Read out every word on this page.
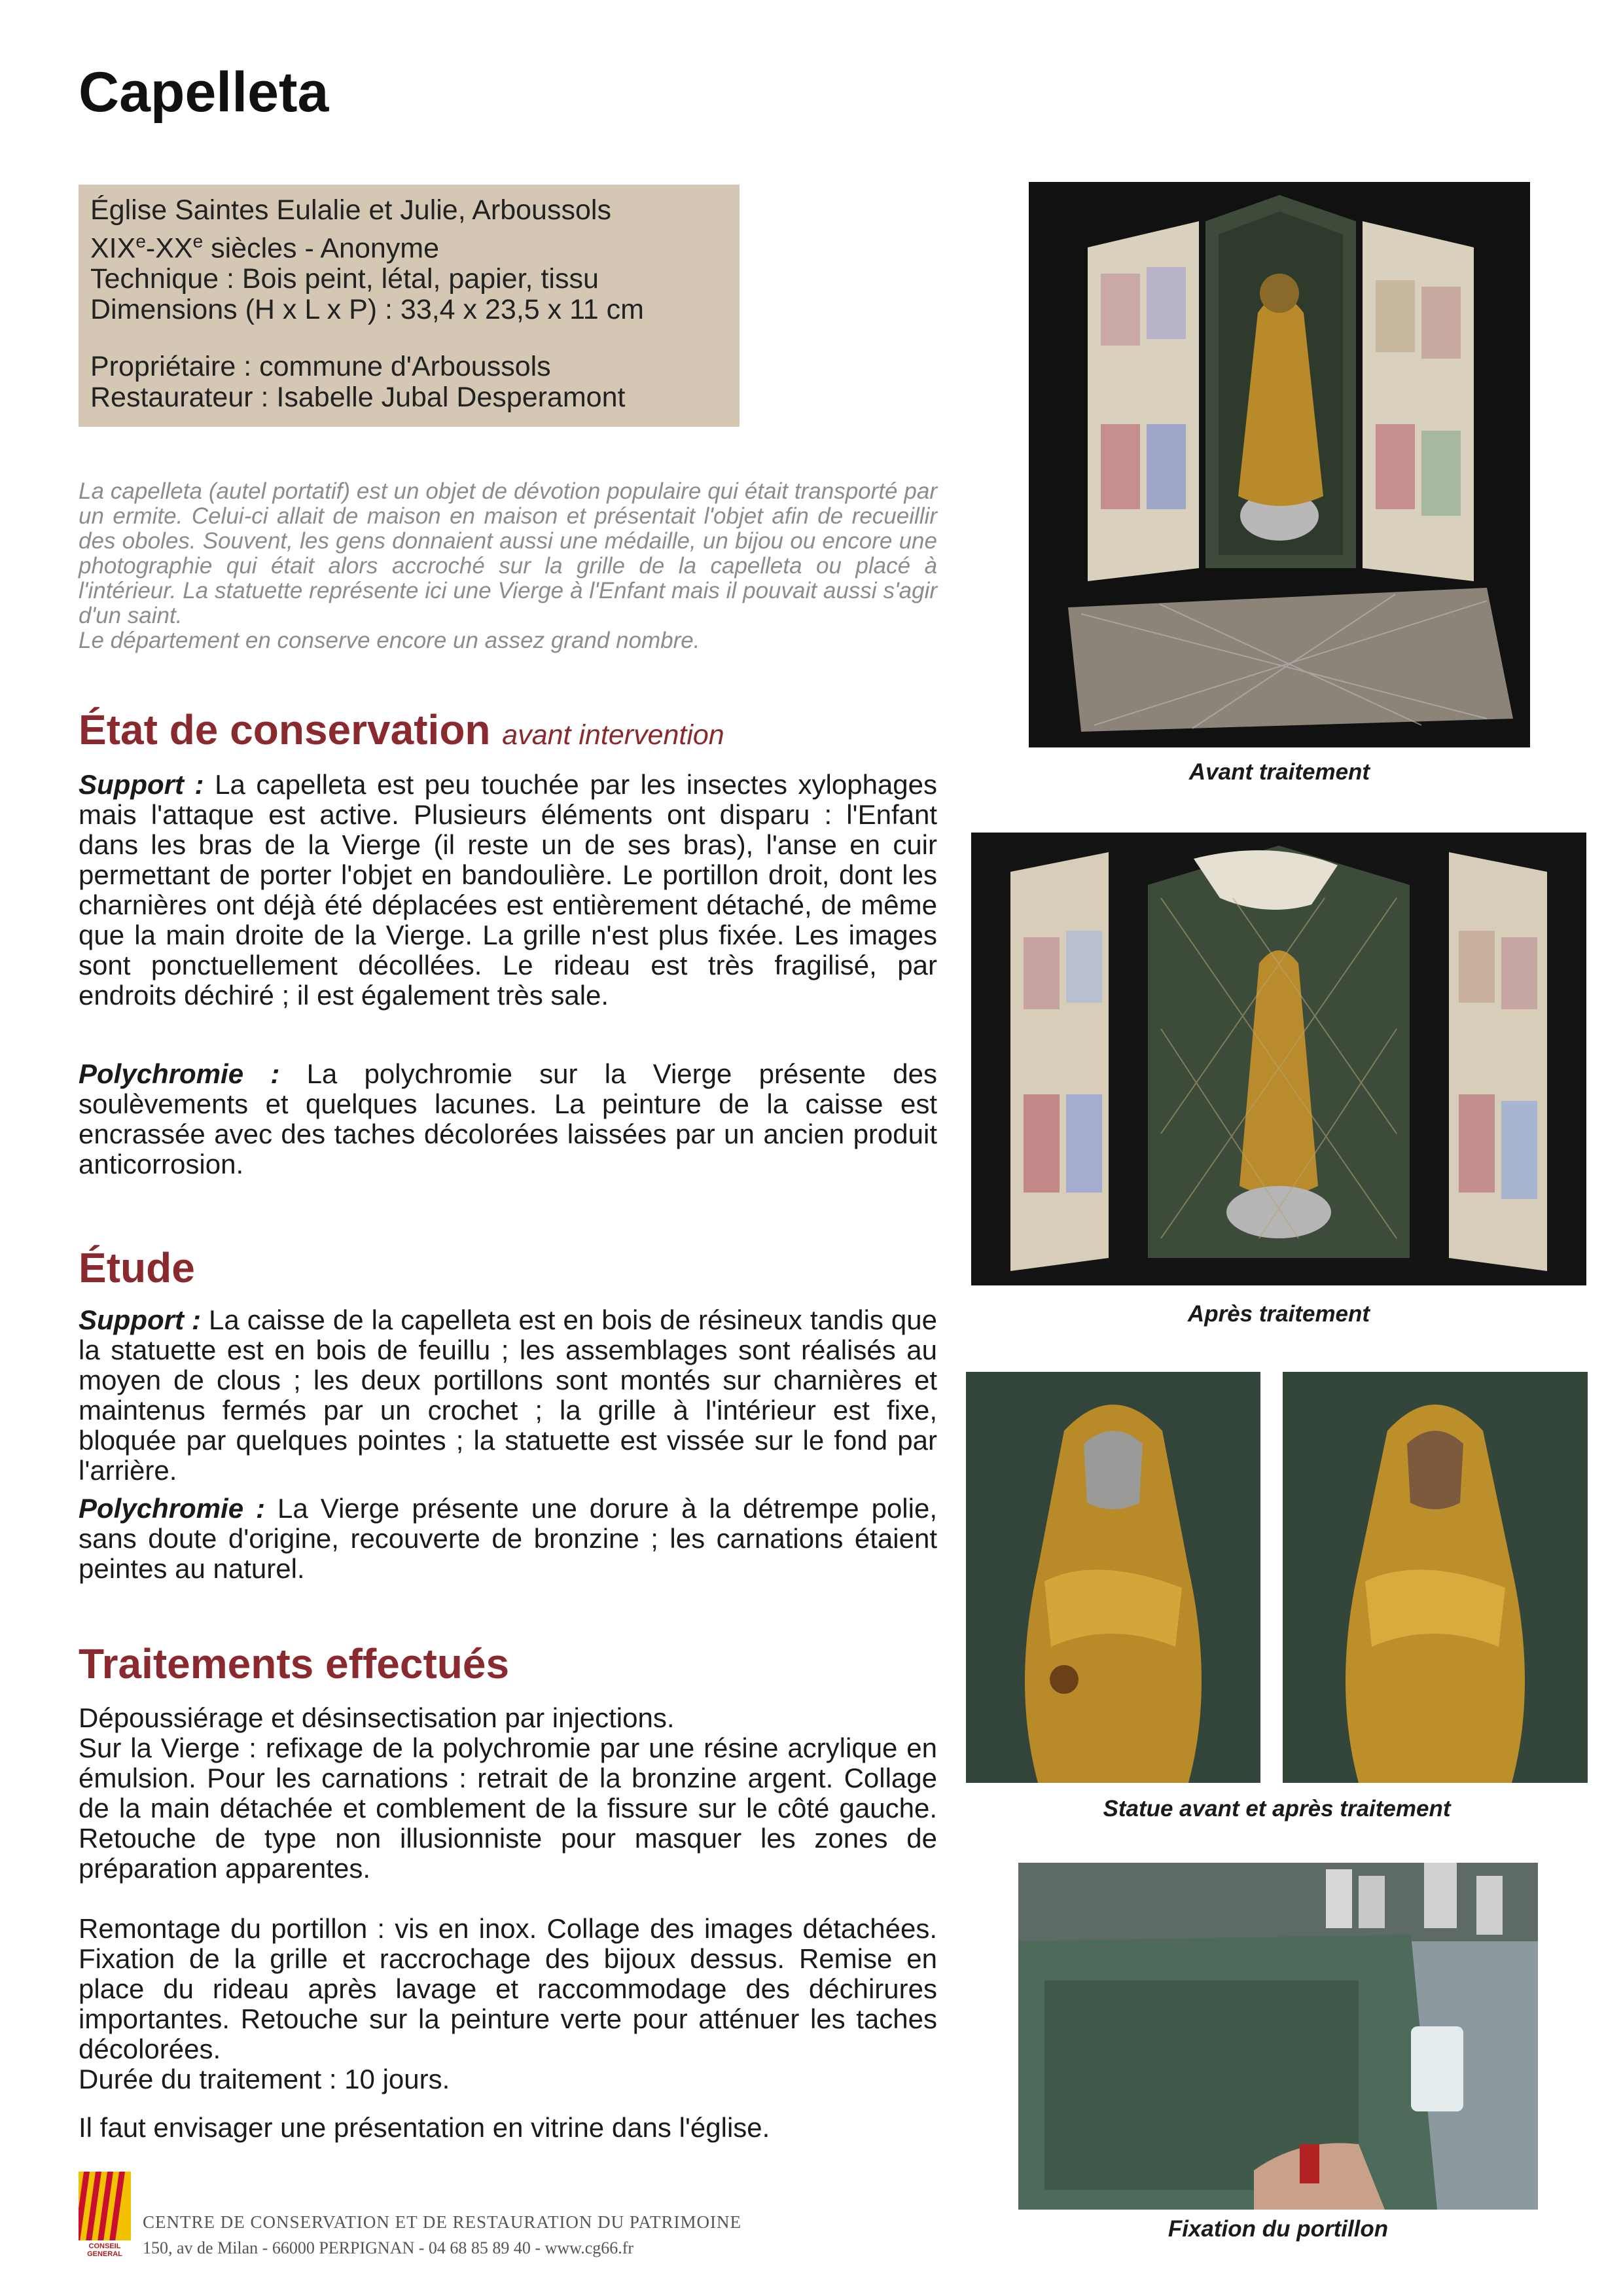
Capelleta
Église Saintes Eulalie et Julie, Arboussols
XIXe-XXe siècles - Anonyme
Technique : Bois peint, létal, papier, tissu
Dimensions (H x L x P) : 33,4 x 23,5 x 11 cm
Propriétaire : commune d'Arboussols
Restaurateur : Isabelle Jubal Desperamont

La capelleta (autel portatif) est un objet de dévotion populaire qui était transporté par un ermite. Celui-ci allait de maison en maison et présentait l'objet afin de recueillir des oboles. Souvent, les gens donnaient aussi une médaille, un bijou ou encore une photographie qui était alors accroché sur la grille de la capelleta ou placé à l'intérieur. La statuette représente ici une Vierge à l'Enfant mais il pouvait aussi s'agir d'un saint.
Le département en conserve encore un assez grand nombre.

État de conservation avant intervention

Support : La capelleta est peu touchée par les insectes xylophages mais l'attaque est active. Plusieurs éléments ont disparu : l'Enfant dans les bras de la Vierge (il reste un de ses bras), l'anse en cuir permettant de porter l'objet en bandoulière. Le portillon droit, dont les charnières ont déjà été déplacées est entièrement détaché, de même que la main droite de la Vierge. La grille n'est plus fixée. Les images sont ponctuellement décollées. Le rideau est très fragilisé, par endroits déchiré ; il est également très sale.

Polychromie : La polychromie sur la Vierge présente des soulèvements et quelques lacunes. La peinture de la caisse est encrassée avec des taches décolorées laissées par un ancien produit anticorrosion.

Étude

Support : La caisse de la capelleta est en bois de résineux tandis que la statuette est en bois de feuillu ; les assemblages sont réalisés au moyen de clous ; les deux portillons sont montés sur charnières et maintenus fermés par un crochet ; la grille à l'intérieur est fixe, bloquée par quelques pointes ; la statuette est vissée sur le fond par l'arrière.

Polychromie : La Vierge présente une dorure à la détrempe polie, sans doute d'origine, recouverte de bronzine ; les carnations étaient peintes au naturel.

Traitements effectués

Dépoussiérage et désinsectisation par injections.

Sur la Vierge : refixage de la polychromie par une résine acrylique en émulsion. Pour les carnations : retrait de la bronzine argent. Collage de la main détachée et comblement de la fissure sur le côté gauche. Retouche de type non illusionniste pour masquer les zones de préparation apparentes.

Remontage du portillon : vis en inox. Collage des images détachées. Fixation de la grille et raccrochage des bijoux dessus. Remise en place du rideau après lavage et raccommodage des déchirures importantes. Retouche sur la peinture verte pour atténuer les taches décolorées.

Durée du traitement : 10 jours.

Il faut envisager une présentation en vitrine dans l'église.

Avant traitement
Après traitement
Statue avant et après traitement
Fixation du portillon
CONSEIL GENERAL
CENTRE DE CONSERVATION ET DE RESTAURATION DU PATRIMOINE
150, av de Milan - 66000 PERPIGNAN - 04 68 85 89 40 - www.cg66.fr
